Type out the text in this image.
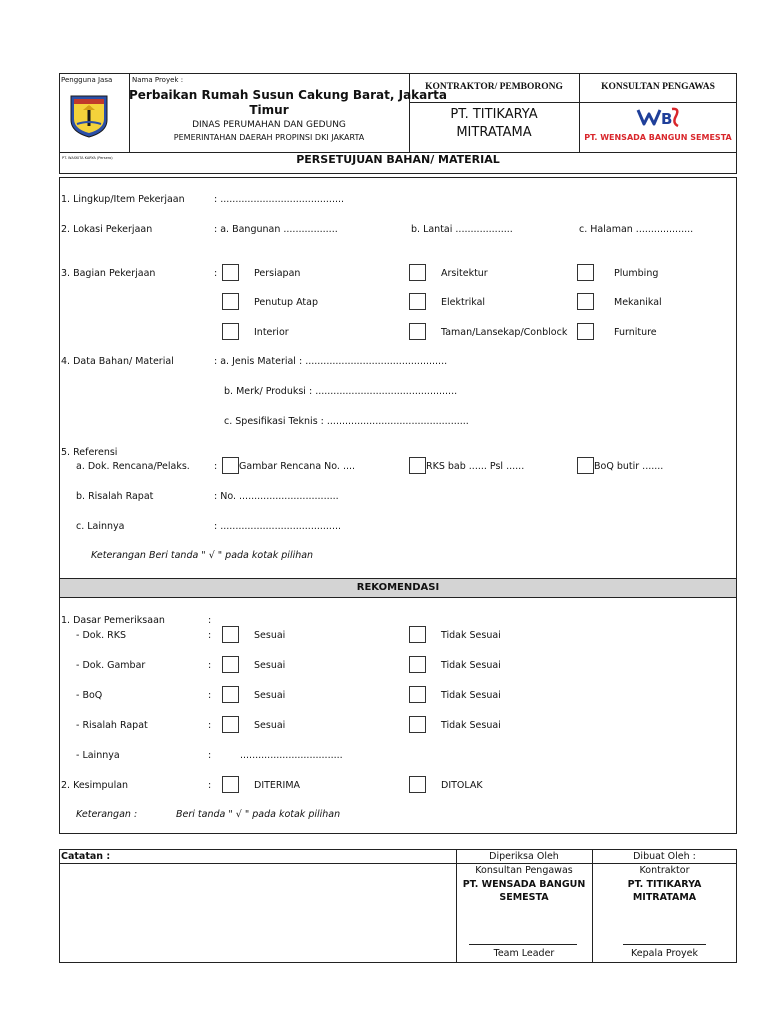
Pengguna Jasa	Nama Proyek :
PT. WASKITA KARYA (Persero)
Perbaikan Rumah Susun Cakung Barat, Jakarta
Timur
DINAS PERUMAHAN DAN GEDUNG
PEMERINTAHAN DAERAH PROPINSI DKI JAKARTA
KONTRAKTOR/ PEMBORONG
PT. TITIKARYA
MITRATAMA
KONSULTAN PENGAWAS
B
PT. WENSADA BANGUN SEMESTA
PERSETUJUAN BAHAN/ MATERIAL
REKOMENDASI
1. Lingkup/Item Pekerjaan	: .........................................
2. Lokasi Pekerjaan	: a. Bangunan ..................	b. Lantai ...................	c. Halaman ...................
3. Bagian Pekerjaan	:	Persiapan	Arsitektur	Plumbing
Penutup Atap	Elektrikal	Mekanikal
Interior	Taman/Lansekap/Conblock	Furniture
4. Data Bahan/ Material	: a. Jenis Material : ...............................................
b. Merk/ Produksi : ...............................................
c. Spesifikasi Teknis : ...............................................
5. Referensi
a. Dok. Rencana/Pelaks.	: Gambar Rencana No. ....	RKS bab ...... Psl ......	BoQ butir .......
b. Risalah Rapat	: No. .................................
c. Lainnya	: ........................................
Keterangan Beri tanda " √ " pada kotak pilihan
1. Dasar Pemeriksaan	:
- Dok. RKS	:	Sesuai	Tidak Sesuai
- Dok. Gambar	:	Sesuai	Tidak Sesuai
- BoQ	:	Sesuai	Tidak Sesuai
- Risalah Rapat	:	Sesuai	Tidak Sesuai
- Lainnya	:	..................................
2. Kesimpulan	:	DITERIMA	DITOLAK
Keterangan :	Beri tanda " √ " pada kotak pilihan
Catatan :	Diperiksa Oleh
Konsultan Pengawas
PT. WENSADA BANGUN
SEMESTA
Team Leader
Dibuat Oleh :
Kontraktor
PT. TITIKARYA
MITRATAMA
Kepala Proyek
